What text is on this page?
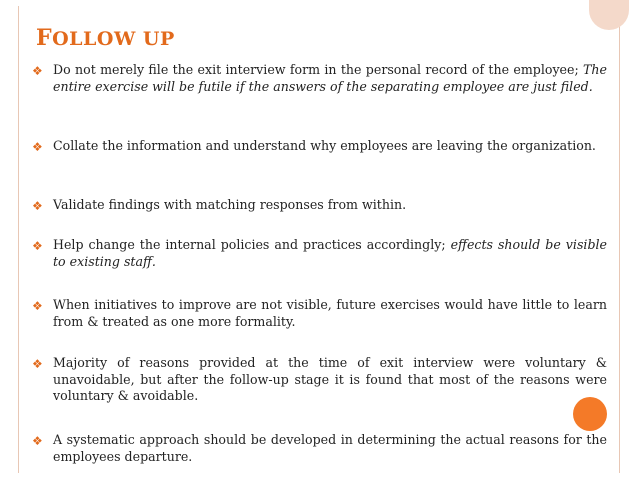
FOLLOW UP
❖ Do not merely file the exit interview form in the personal record of the employee; The entire exercise will be futile if the answers of the separating employee are just filed.
❖ Collate the information and understand why employees are leaving the organization.
❖ Validate findings with matching responses from within.
❖ Help change the internal policies and practices accordingly; effects should be visible to existing staff.
❖ When initiatives to improve are not visible, future exercises would have little to learn from & treated as one more formality.
❖ Majority of reasons provided at the time of exit interview were voluntary & unavoidable, but after the follow-up stage it is found that most of the reasons were voluntary & avoidable.
❖ A systematic approach should be developed in determining the actual reasons for the employees departure.
